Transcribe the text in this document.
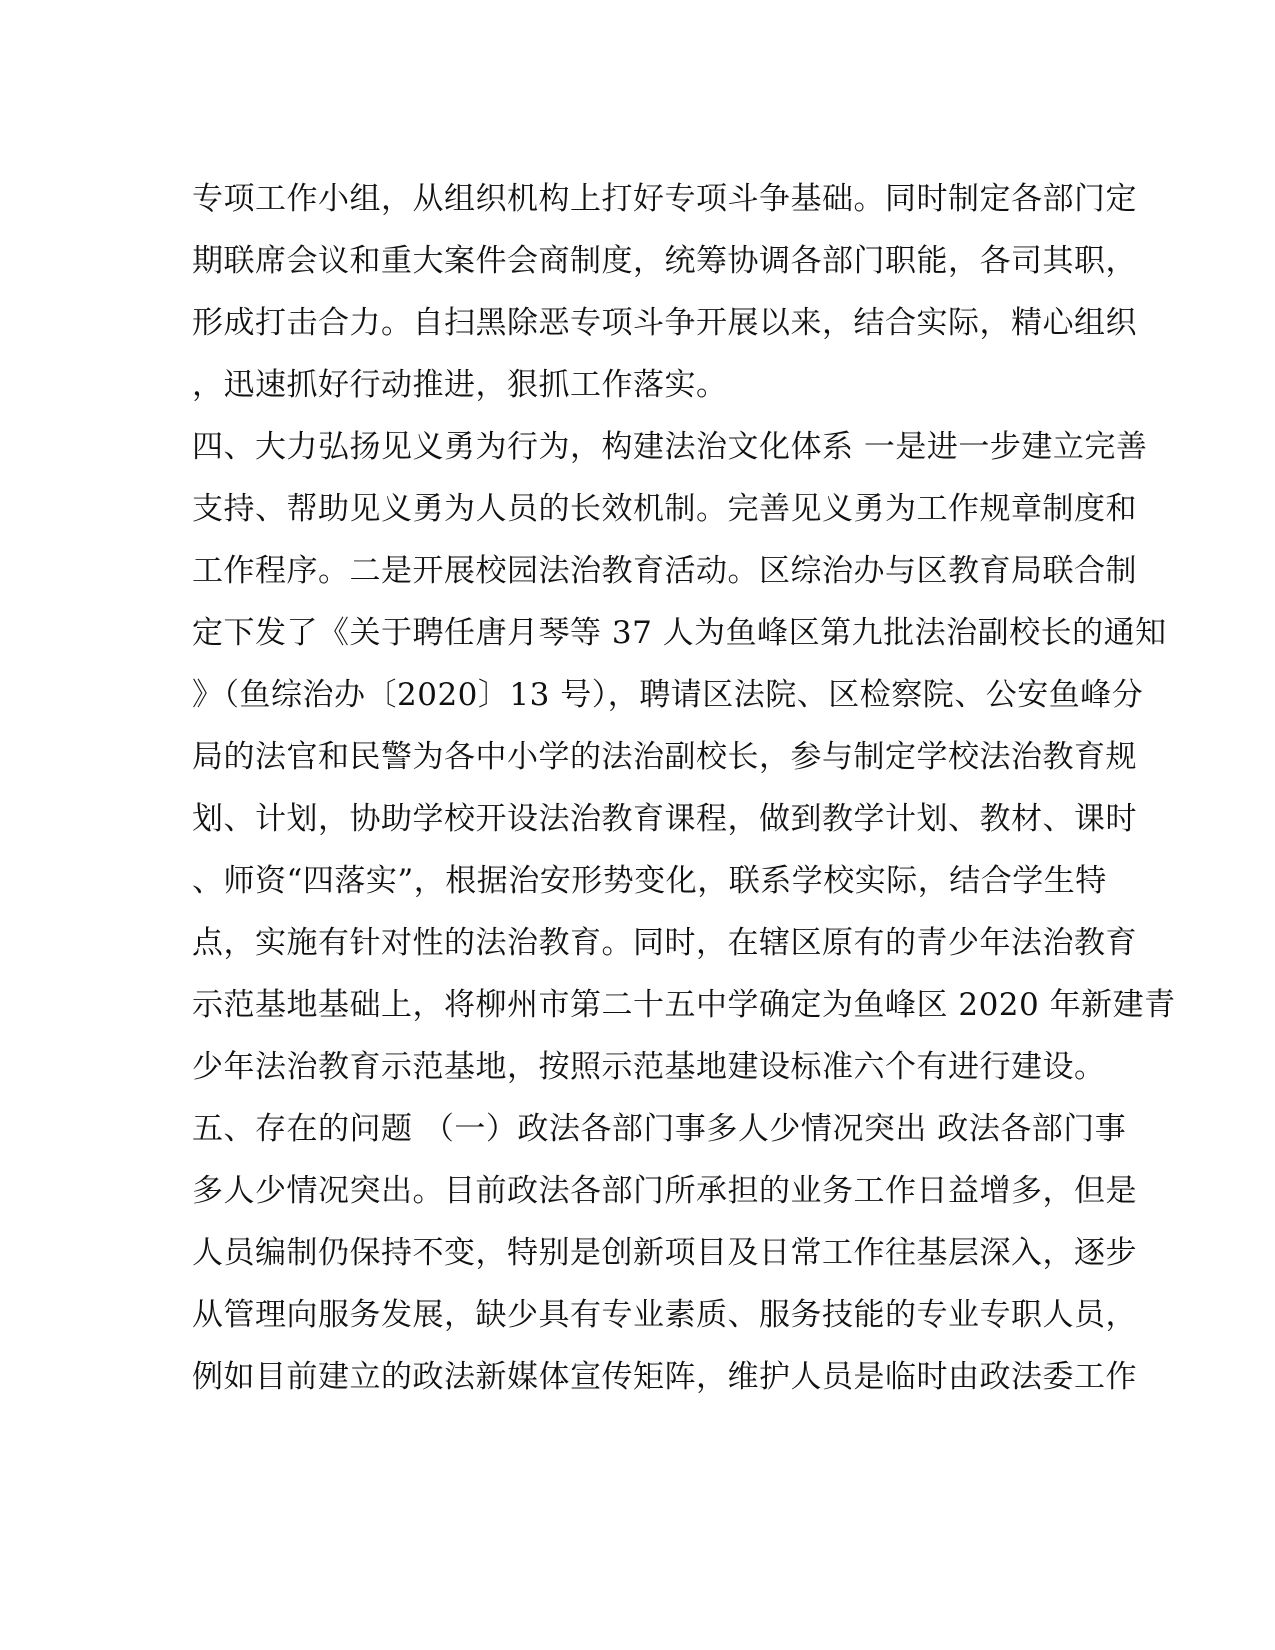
专项工作小组，从组织机构上打好专项斗争基础。同时制定各部门定
期联席会议和重大案件会商制度，统筹协调各部门职能，各司其职，
形成打击合力。自扫黑除恶专项斗争开展以来，结合实际，精心组织
，迅速抓好行动推进，狠抓工作落实。
四、大力弘扬见义勇为行为，构建法治文化体系 一是进一步建立完善
支持、帮助见义勇为人员的长效机制。完善见义勇为工作规章制度和
工作程序。二是开展校园法治教育活动。区综治办与区教育局联合制
定下发了《关于聘任唐月琴等 37 人为鱼峰区第九批法治副校长的通知
》（鱼综治办〔2020〕13 号），聘请区法院、区检察院、公安鱼峰分
局的法官和民警为各中小学的法治副校长，参与制定学校法治教育规
划、计划，协助学校开设法治教育课程，做到教学计划、教材、课时
、师资“四落实”，根据治安形势变化，联系学校实际，结合学生特
点，实施有针对性的法治教育。同时，在辖区原有的青少年法治教育
示范基地基础上，将柳州市第二十五中学确定为鱼峰区 2020 年新建青
少年法治教育示范基地，按照示范基地建设标准六个有进行建设。
五、存在的问题 （一）政法各部门事多人少情况突出 政法各部门事
多人少情况突出。目前政法各部门所承担的业务工作日益增多，但是
人员编制仍保持不变，特别是创新项目及日常工作往基层深入，逐步
从管理向服务发展，缺少具有专业素质、服务技能的专业专职人员，
例如目前建立的政法新媒体宣传矩阵，维护人员是临时由政法委工作
